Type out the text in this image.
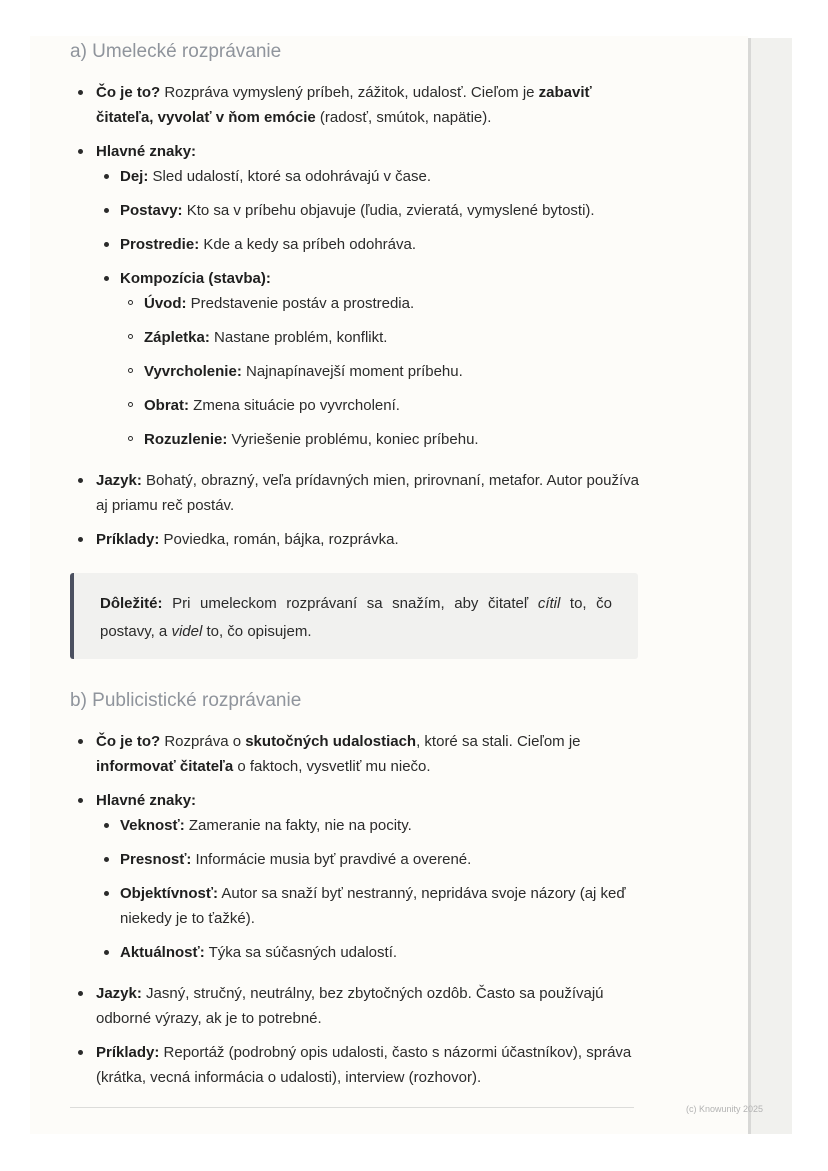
a) Umelecké rozprávanie
Čo je to? Rozpráva vymyslený príbeh, zážitok, udalosť. Cieľom je zabaviť čitateľa, vyvolať v ňom emócie (radosť, smútok, napätie).
Hlavné znaky:
Dej: Sled udalostí, ktoré sa odohrávajú v čase.
Postavy: Kto sa v príbehu objavuje (ľudia, zvieratá, vymyslené bytosti).
Prostredie: Kde a kedy sa príbeh odohráva.
Kompozícia (stavba):
Úvod: Predstavenie postáv a prostredia.
Zápletka: Nastane problém, konflikt.
Vyvrcholenie: Najnapínavejší moment príbehu.
Obrat: Zmena situácie po vyvrcholení.
Rozuzlenie: Vyriešenie problému, koniec príbehu.
Jazyk: Bohatý, obrazný, veľa prídavných mien, prirovnaní, metafor. Autor používa aj priamu reč postáv.
Príklady: Poviedka, román, bájka, rozprávka.
Dôležité: Pri umeleckom rozprávaní sa snažím, aby čitateľ cítil to, čo postavy, a videl to, čo opisujem.
b) Publicistické rozprávanie
Čo je to? Rozpráva o skutočných udalostiach, ktoré sa stali. Cieľom je informovať čitateľa o faktoch, vysvetliť mu niečo.
Hlavné znaky:
Veknosť: Zameranie na fakty, nie na pocity.
Presnosť: Informácie musia byť pravdivé a overené.
Objektívnosť: Autor sa snaží byť nestranný, nepridáva svoje názory (aj keď niekedy je to ťažké).
Aktuálnosť: Týka sa súčasných udalostí.
Jazyk: Jasný, stručný, neutrálny, bez zbytočných ozdôb. Často sa používajú odborné výrazy, ak je to potrebné.
Príklady: Reportáž (podrobný opis udalosti, často s názormi účastníkov), správa (krátka, vecná informácia o udalosti), interview (rozhovor).
(c) Knowunity 2025
